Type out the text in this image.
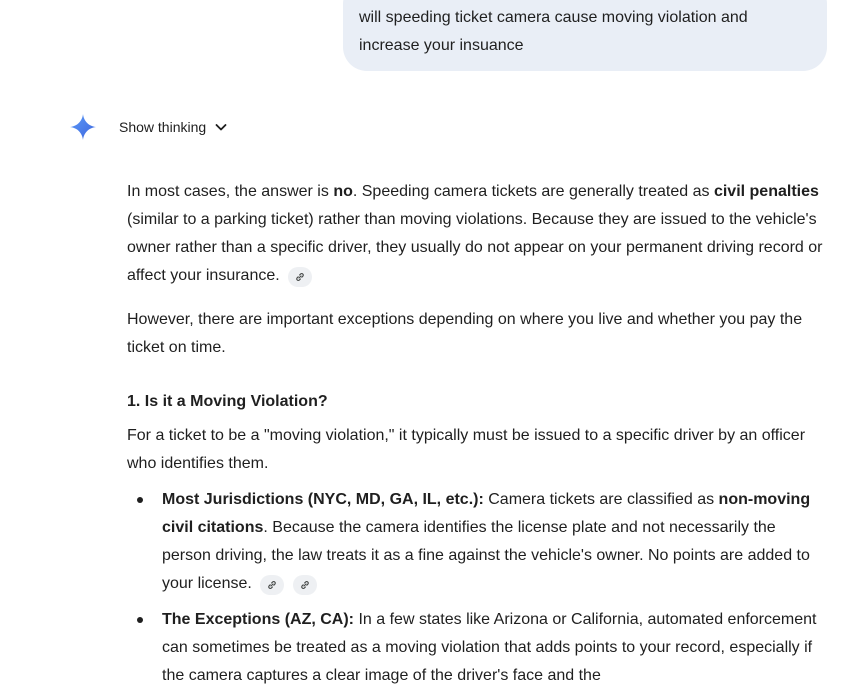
will speeding ticket camera cause moving violation and
increase your insuance
Show thinking

In most cases, the answer is no. Speeding camera tickets are generally treated as civil penalties (similar to a parking ticket) rather than moving violations. Because they are issued to the vehicle's owner rather than a specific driver, they usually do not appear on your permanent driving record or affect your insurance.

However, there are important exceptions depending on where you live and whether you pay the ticket on time.

1. Is it a Moving Violation?

For a ticket to be a "moving violation," it typically must be issued to a specific driver by an officer who identifies them.

Most Jurisdictions (NYC, MD, GA, IL, etc.): Camera tickets are classified as non-moving civil citations. Because the camera identifies the license plate and not necessarily the person driving, the law treats it as a fine against the vehicle's owner. No points are added to your license.

The Exceptions (AZ, CA): In a few states like Arizona or California, automated enforcement can sometimes be treated as a moving violation that adds points to your record, especially if the camera captures a clear image of the driver's face and the
